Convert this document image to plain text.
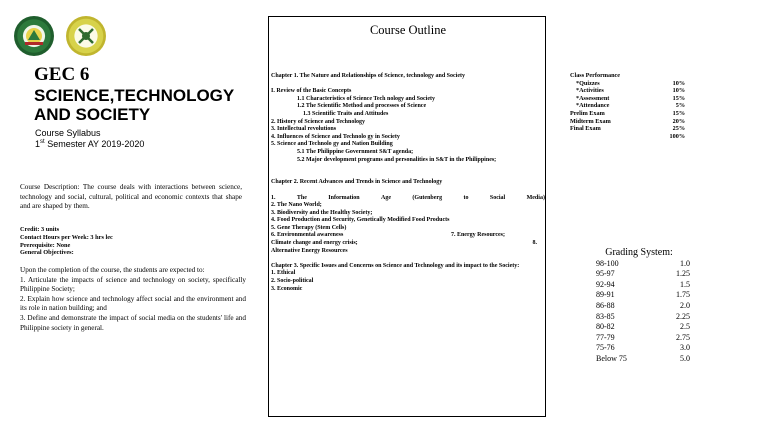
GEC 6
SCIENCE,TECHNOLOGY AND SOCIETY
Course Syllabus
1st Semester AY 2019-2020
Course Description: The course deals with interactions between science, technology and social, cultural, political and economic contexts that shape and are shaped by them.
Credit: 3 units
Contact Hours per Week: 3 hrs lec
Prerequisite: None
General Objectives:

Upon the completion of the course, the students are expected to:

1. Articulate the impacts of science and technology on society, specifically Philippine Society;

2. Explain how science and technology affect social and the environment and its role in nation building; and

3. Define and demonstrate the impact of social media on the students' life and Philippine society in general.

Course Outline
Chapter 1. The Nature and Relationships of Science, technology and Society
I. Review of the Basic Concepts
1.1 Characteristics of Science Tech nology and Society
1.2 The Scientific Method and processes of Science
1.3 Scientific Traits and Attitudes
2. History of Science and Technology
3. Intellectual revolutions
4. Influences of Science and Technolo gy in Society
5. Science and Technolo gy and Nation Building
5.1 The Philippine Government S&T agenda;
5.2 Major development programs and personalities in S&T in the Philippines;
Chapter 2. Recent Advances and Trends in Science and Technology
1.	The	Information	Age	(Gutenberg	to	Social	Media)
2. The Nano World;
3. Biodiversity and the Healthy Society;
4. Food Production and Security, Genetically Modified Food Products
5. Gene Therapy (Stem Cells)
6. Environmental awareness	7. Energy Resources;
Climate change and energy crisis;	8.
Alternative Energy Resources
Chapter 3. Specific Issues and Concerns on Science and Technology and its impact to the Society:
1. Ethical
2. Socio-political
3. Economic
Class Performance
*Quizzes	10%
*Activities	10%
*Assessment	15%
*Attendance	5%
Prelim Exam	15%
Midterm Exam	20%
Final Exam	25%
100%
Grading System:
98-100	1.0
95-97	1.25
92-94	1.5
89-91	1.75
86-88	2.0
83-85	2.25
80-82	2.5
77-79	2.75
75-76	3.0
Below 75	5.0
